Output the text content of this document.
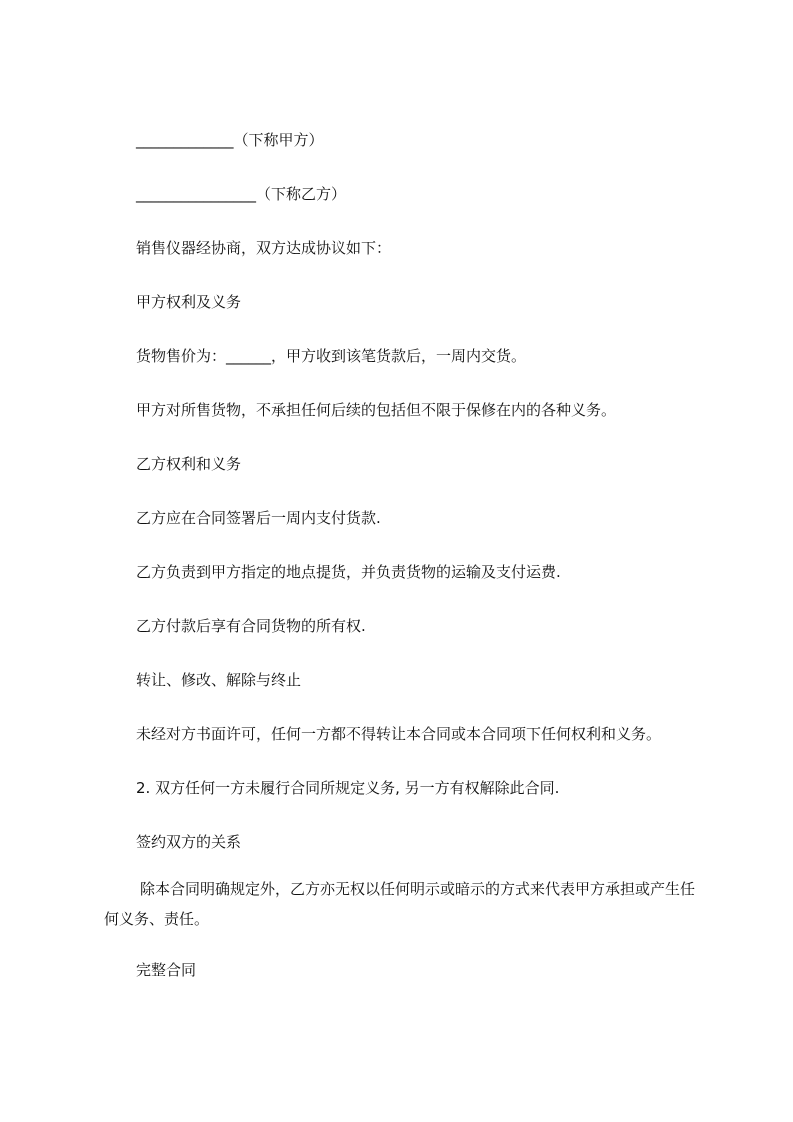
_____________（下称甲方）
________________（下称乙方）
销售仪器经协商，双方达成协议如下：
甲方权利及义务
货物售价为：______，甲方收到该笔货款后，一周内交货。
甲方对所售货物，不承担任何后续的包括但不限于保修在内的各种义务。
乙方权利和义务
乙方应在合同签署后一周内支付货款.
乙方负责到甲方指定的地点提货，并负责货物的运输及支付运费.
乙方付款后享有合同货物的所有权.
转让、修改、解除与终止
未经对方书面许可，任何一方都不得转让本合同或本合同项下任何权利和义务。
2. 双方任何一方未履行合同所规定义务, 另一方有权解除此合同.
签约双方的关系
除本合同明确规定外，乙方亦无权以任何明示或暗示的方式来代表甲方承担或产生任何义务、责任。
完整合同
